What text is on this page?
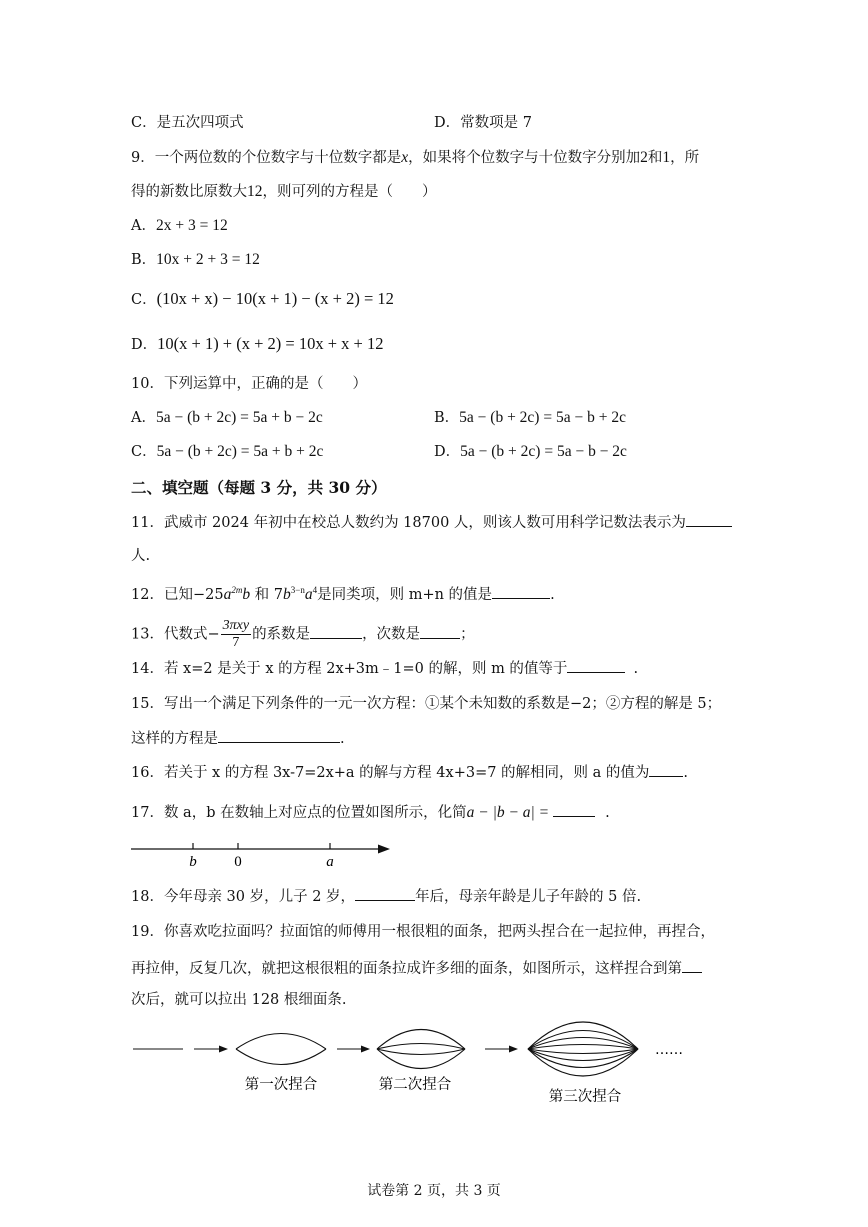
C．是五次四项式	D．常数项是 7
9．一个两位数的个位数字与十位数字都是x，如果将个位数字与十位数字分别加2和1，所
得的新数比原数大12，则可列的方程是（　　）
A．2x + 3 = 12
B．10x + 2 + 3 = 12
C．(10x + x) − 10(x + 1) − (x + 2) = 12
D．10(x + 1) + (x + 2) = 10x + x + 12
10．下列运算中，正确的是（　　）
A．5a − (b + 2c) = 5a + b − 2c	B．5a − (b + 2c) = 5a − b + 2c
C．5a − (b + 2c) = 5a + b + 2c	D．5a − (b + 2c) = 5a − b − 2c
二、填空题（每题 3 分，共 30 分）
11．武威市 2024 年初中在校总人数约为 18700 人，则该人数可用科学记数法表示为
人.
12．已知$-25a^{2m}b$ 和 $7b^{3-n}a^4$是同类项，则 m+n 的值是	.
13．代数式− $\frac{\text{3πxy}}{7}$ 的系数是	，次数是	；
14．若 x=2 是关于 x 的方程 2x+3m﹣1=0 的解，则 m 的值等于	.
15．写出一个满足下列条件的一元一次方程：①某个未知数的系数是−2；②方程的解是 5；
这样的方程是	.
16．若关于 x 的方程 3x-7=2x+a 的解与方程 4x+3=7 的解相同，则 a 的值为 .
17．数 a，b 在数轴上对应点的位置如图所示，化简a − |b − a| =	.
b	0	a
18．今年母亲 30 岁，儿子 2 岁，	年后，母亲年龄是儿子年龄的 5 倍.
19．你喜欢吃拉面吗？拉面馆的师傅用一根很粗的面条，把两头捏合在一起拉伸，再捏合，
再拉伸，反复几次，就把这根很粗的面条拉成许多细的面条，如图所示，这样捏合到第
次后，就可以拉出 128 根细面条.
……
第一次捏合	第二次捏合
第三次捏合
试卷第 2 页，共 3 页
